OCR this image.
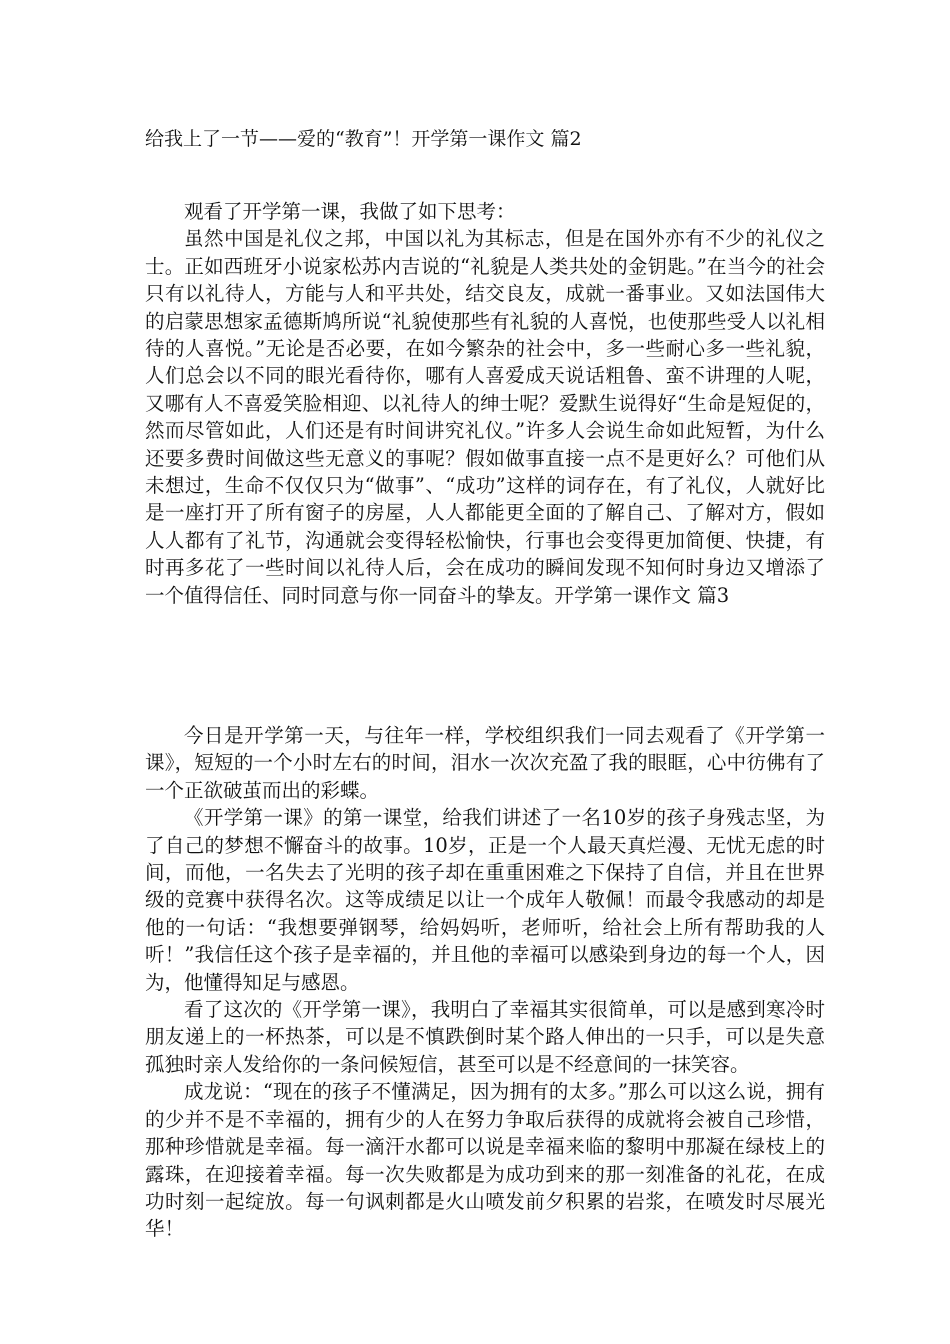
给我上了一节——爱的“教育”！开学第一课作文 篇2

观看了开学第一课，我做了如下思考：

虽然中国是礼仪之邦，中国以礼为其标志，但是在国外亦有不少的礼仪之士。正如西班牙小说家松苏内吉说的“礼貌是人类共处的金钥匙。”在当今的社会只有以礼待人，方能与人和平共处，结交良友，成就一番事业。又如法国伟大的启蒙思想家孟德斯鸠所说“礼貌使那些有礼貌的人喜悦，也使那些受人以礼相待的人喜悦。”无论是否必要，在如今繁杂的社会中，多一些耐心多一些礼貌，人们总会以不同的眼光看待你，哪有人喜爱成天说话粗鲁、蛮不讲理的人呢，又哪有人不喜爱笑脸相迎、以礼待人的绅士呢？爱默生说得好“生命是短促的，然而尽管如此，人们还是有时间讲究礼仪。”许多人会说生命如此短暂，为什么还要多费时间做这些无意义的事呢？假如做事直接一点不是更好么？可他们从未想过，生命不仅仅只为“做事”、“成功”这样的词存在，有了礼仪，人就好比是一座打开了所有窗子的房屋，人人都能更全面的了解自己、了解对方，假如人人都有了礼节，沟通就会变得轻松愉快，行事也会变得更加简便、快捷，有时再多花了一些时间以礼待人后，会在成功的瞬间发现不知何时身边又增添了一个值得信任、同时同意与你一同奋斗的挚友。开学第一课作文 篇3

今日是开学第一天，与往年一样，学校组织我们一同去观看了《开学第一课》，短短的一个小时左右的时间，泪水一次次充盈了我的眼眶，心中彷佛有了一个正欲破茧而出的彩蝶。

《开学第一课》的第一课堂，给我们讲述了一名10岁的孩子身残志坚，为了自己的梦想不懈奋斗的故事。10岁，正是一个人最天真烂漫、无忧无虑的时间，而他，一名失去了光明的孩子却在重重困难之下保持了自信，并且在世界级的竞赛中获得名次。这等成绩足以让一个成年人敬佩！而最令我感动的却是他的一句话：“我想要弹钢琴，给妈妈听，老师听，给社会上所有帮助我的人听！”我信任这个孩子是幸福的，并且他的幸福可以感染到身边的每一个人，因为，他懂得知足与感恩。

看了这次的《开学第一课》，我明白了幸福其实很简单，可以是感到寒冷时朋友递上的一杯热茶，可以是不慎跌倒时某个路人伸出的一只手，可以是失意孤独时亲人发给你的一条问候短信，甚至可以是不经意间的一抹笑容。

成龙说：“现在的孩子不懂满足，因为拥有的太多。”那么可以这么说，拥有的少并不是不幸福的，拥有少的人在努力争取后获得的成就将会被自己珍惜，那种珍惜就是幸福。每一滴汗水都可以说是幸福来临的黎明中那凝在绿枝上的露珠，在迎接着幸福。每一次失败都是为成功到来的那一刻准备的礼花，在成功时刻一起绽放。每一句讽刺都是火山喷发前夕积累的岩浆，在喷发时尽展光华！
